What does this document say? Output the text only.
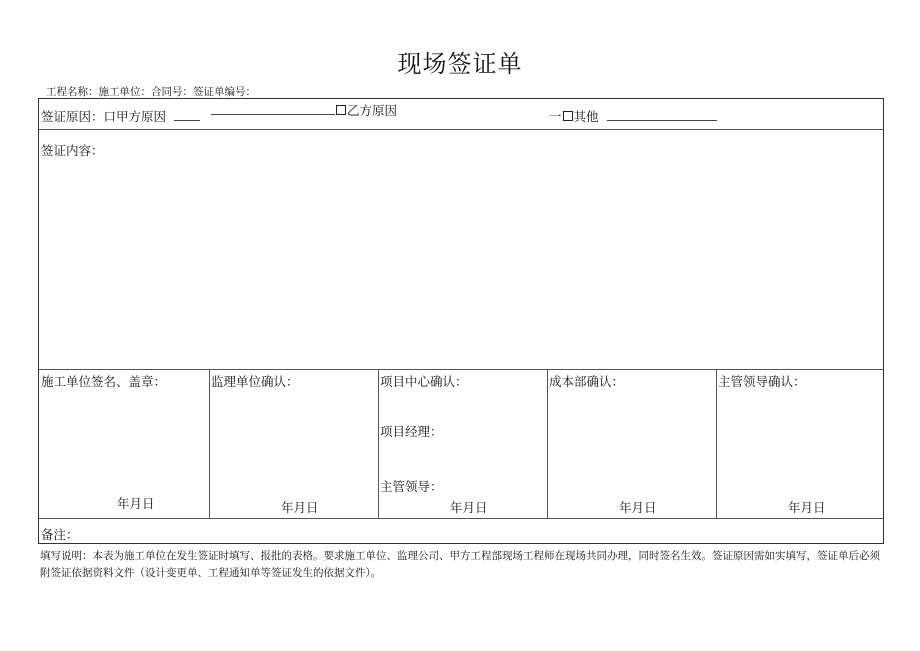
现场签证单
工程名称：施工单位：合同号：签证单编号：
签证原因：口甲方原因	乙方原因	一 其他
签证内容：
施工单位签名、盖章：
年月日
监理单位确认：
年月日
项目中心确认：
项目经理：
主管领导：
年月日
成本部确认：
年月日
主管领导确认：
年月日
备注：
填写说明：本表为施工单位在发生签证时填写、报批的表格。要求施工单位、监理公司、甲方工程部现场工程师在现场共同办理，同时签名生效。签证原因需如实填写，签证单后必须附签证依据资料文件（设计变更单、工程通知单等签证发生的依据文件）。
